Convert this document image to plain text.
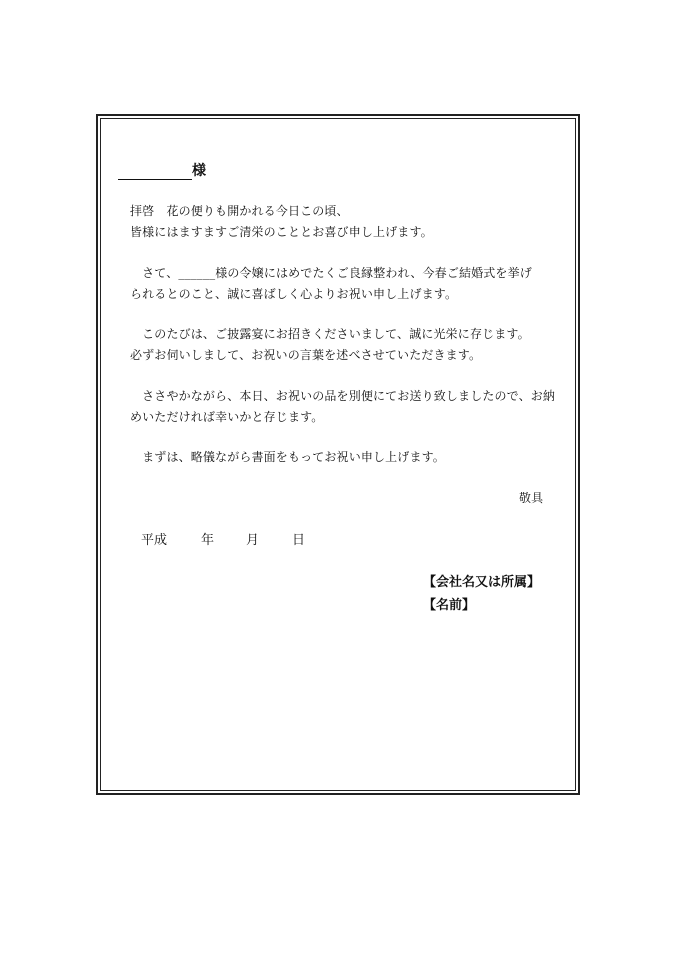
様
拝啓　花の便りも開かれる今日この頃、
皆様にはますますご清栄のこととお喜び申し上げます。
　さて、______様の令嬢にはめでたくご良縁整われ、今春ご結婚式を挙げ
られるとのこと、誠に喜ばしく心よりお祝い申し上げます。
　このたびは、ご披露宴にお招きくださいまして、誠に光栄に存じます。
必ずお伺いしまして、お祝いの言葉を述べさせていただきます。
　ささやかながら、本日、お祝いの品を別便にてお送り致しましたので、お納
めいただければ幸いかと存じます。
　まずは、略儀ながら書面をもってお祝い申し上げます。
敬具
平成	年 月	日
【会社名又は所属】
【名前】
